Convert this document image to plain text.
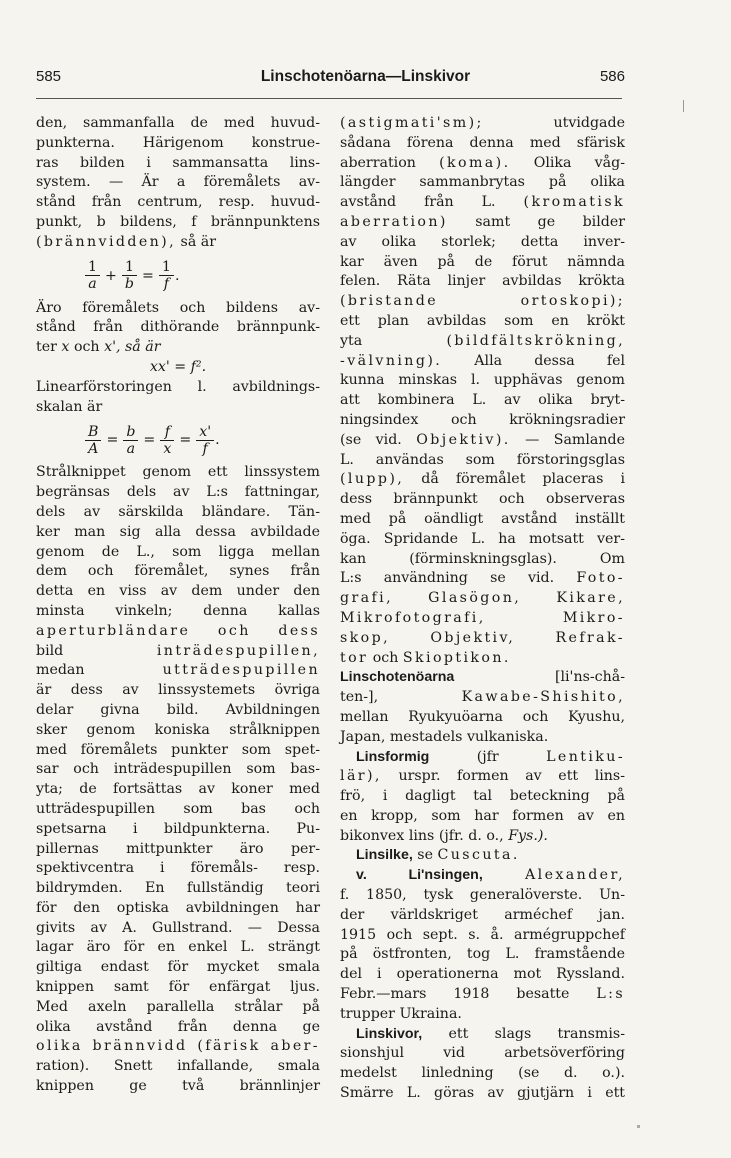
585	Linschotenöarna—Linskivor	586
den, sammanfalla de med huvud-
punkterna. Härigenom konstrue-
ras bilden i sammansatta lins-
system. — Är a föremålets av-
stånd från centrum, resp. huvud-
punkt, b bildens, f brännpunktens
(brännvidden), så är
$\frac{1}{a} + \frac{1}{b} = \frac{1}{f}$ .
Äro föremålets och bildens av-
stånd från dithörande brännpunk-
ter x och x', så är
xx' = f².
Linearförstoringen l. avbildnings-
skalan är
$\frac{B}{A} = \frac{b}{a} = \frac{f}{x} = \frac{x'}{f}$ .
Strålknippet genom ett linssystem
begränsas dels av L:s fattningar,
dels av särskilda bländare. Tän-
ker man sig alla dessa avbildade
genom de L., som ligga mellan
dem och föremålet, synes från
detta en viss av dem under den
minsta vinkeln; denna kallas
aperturbländare och dess
bild	inträdespupillen,
medan	utträdespupillen
är dess av linssystemets övriga
delar givna bild. Avbildningen
sker genom koniska strålknippen
med föremålets punkter som spet-
sar och inträdespupillen som bas-
yta; de fortsättas av koner med
utträdespupillen som bas och
spetsarna i bildpunkterna. Pu-
pillernas mittpunkter äro per-
spektivcentra i föremåls- resp.
bildrymden. En fullständig teori
för den optiska avbildningen har
givits av A. Gullstrand. — Dessa
lagar äro för en enkel L. strängt
giltiga endast för mycket smala
knippen samt för enfärgat ljus.
Med axeln parallella strålar på
olika avstånd från denna ge
olika brännvidd (färisk aber-
ration). Snett infallande, smala
knippen ge två brännlinjer
(astigmati'sm);	utvidgade
sådana förena denna med sfärisk
aberration (koma). Olika våg-
längder sammanbrytas på olika
avstånd från L. (kromatisk
aberration) samt ge bilder
av olika storlek; detta inver-
kar även på de förut nämnda
felen. Räta linjer avbildas krökta
(bristande	ortoskopi);
ett plan avbildas som en krökt
yta	(bildfältskrökning,
-välvning). Alla dessa fel
kunna minskas l. upphävas genom
att kombinera L. av olika bryt-
ningsindex och krökningsradier
(se vid. Objektiv). — Samlande
L. användas som förstoringsglas
(lupp), då föremålet placeras i
dess brännpunkt och observeras
med på oändligt avstånd inställt
öga. Spridande L. ha motsatt ver-
kan (förminskningsglas). Om
L:s användning se vid. Foto-
grafi, Glasögon, Kikare,
Mikrofotografi, Mikro-
skop, Objektiv, Refrak-
tor och Skioptikon.
Linschotenöarna	[li'ns-chå-
ten-],	Kawabe-Shishito,
mellan Ryukyuöarna och Kyushu,
Japan, mestadels vulkaniska.
Linsformig	(jfr	Lentiku-
lär), urspr. formen av ett lins-
frö, i dagligt tal beteckning på
en kropp, som har formen av en
bikonvex lins (jfr. d. o., Fys.).
Linsilke, se Cuscuta.
v. Li'nsingen,	Alexander,
f. 1850, tysk generalöverste. Un-
der världskriget arméchef jan.
1915 och sept. s. å. armégruppchef
på östfronten, tog L. framstående
del i operationerna mot Ryssland.
Febr.—mars 1918 besatte L:s
trupper Ukraina.
Linskivor, ett slags transmis-
sionshjul vid arbetsöverföring
medelst linledning (se d. o.).
Smärre L. göras av gjutjärn i ett
